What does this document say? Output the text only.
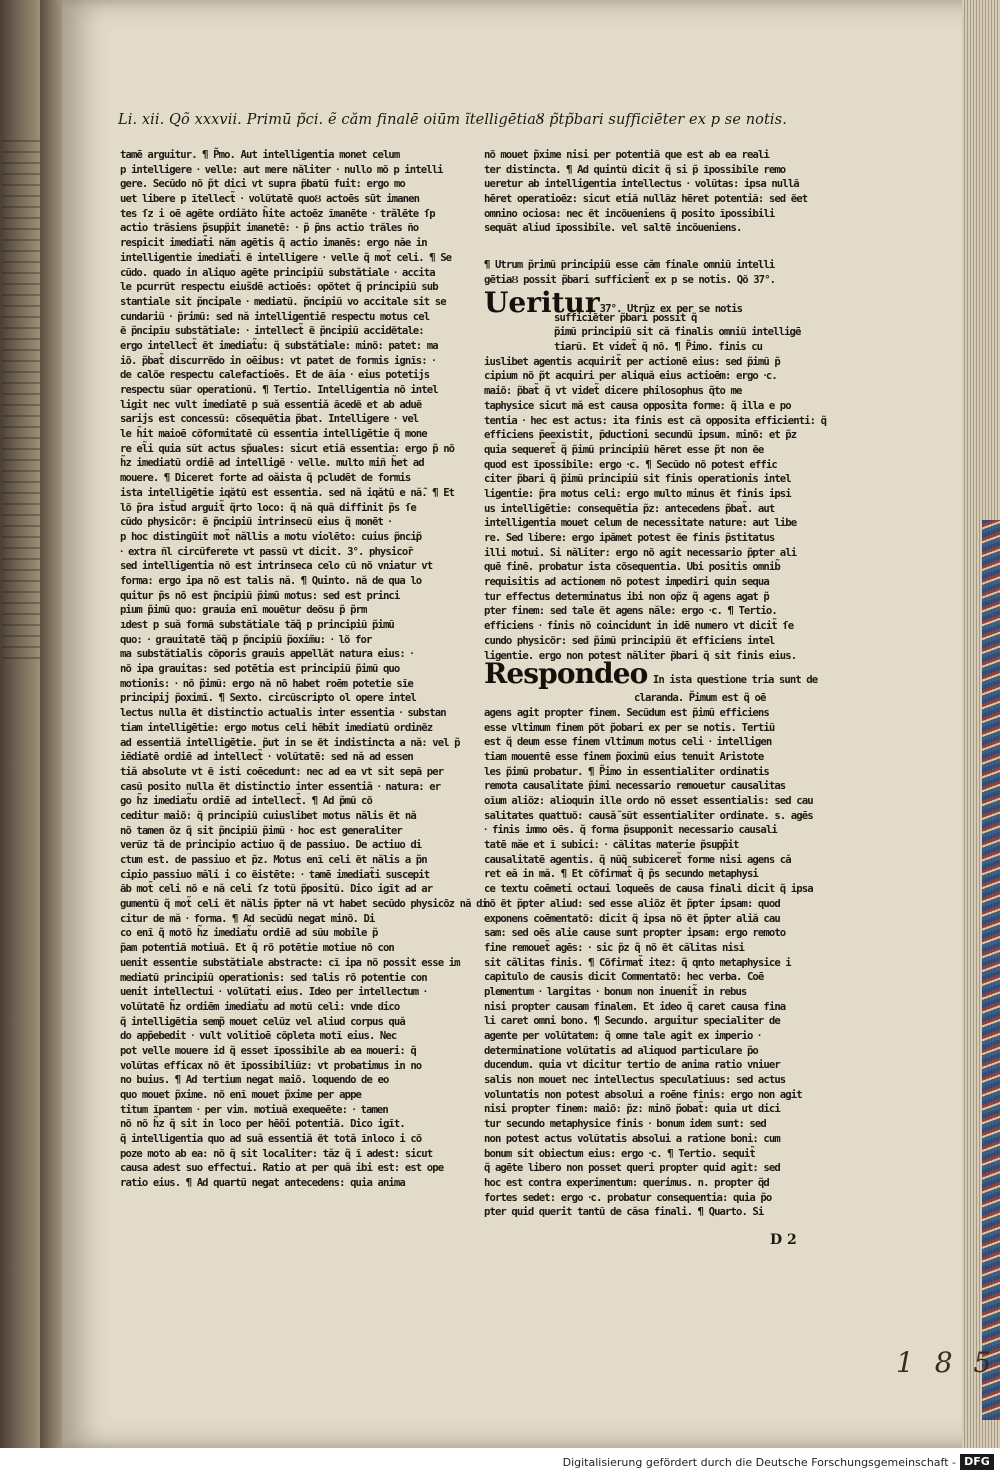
Li. xii. Qõ xxxvii. Primū p̃ci. ẽ căm finalē oiūm ĩtelligētiaȢ p̃tp̃bari sufficiēter ex p se notis.
tamē arguitur. ¶ P̃mo. Aut intelligentia monet celum
p intelligere ‧ velle: aut mere năliter ‧ nullo mõ p intelli
gere. Secũdo nõ p̃t dici vt supra p̃batũ fuit: ergo mo
uet libere p ĩtellect̃ ‧ volũtatē quoȢ actoēs sūt imanen
tes ſz i oē agēte ordiăto h̃ite actoēz ĩmanēte ‧ trălēte ſp
actio trăsiens p̃supp̃it imanetē: ‧ p̃ p̃ns actio trăles ño
respicit imediat̃i năm agētis q̃ actio imanēs: ergo năe in
intelligentie imediat̃i ẽ intelligere ‧ velle q̃ mot̃ celi. ¶ Se
cũdo. quado in aliquo agēte principiũ substătiale ‧ accita
le pcurrũt respectu eius̃dē actioēs: opõtet q̃ principiũ sub
stantiale sit p̃ncipale ‧ mediatũ. p̃ncipiũ vo accitale sit se
cundariũ ‧ p̃rimũ: sed nă intelligentiē respectu motus cel
ẽ p̃ncipĩu substătiale: ‧ intellect̃ ẽ p̃ncipiũ accidẽtale:
ergo intellect̃ ẽt imediat̃u: q̃ substătiale: minõ: patet: ma
iõ. p̃bat̃ discurrẽdo in oēibus: vt patet de formis ignĩs: ‧
de calõe respectu calefactioēs. Et de ãia ‧ eius potetijs
respectu sũar operationũ. ¶ Tertio. Intelligentia nõ intel
ligit nec vult imediatē p suă essentiă ãcedẽ et ab aduẽ
sarijs est concessũ: cõsequētia p̃bat. Intelligere ‧ vel
le h̃it maioē cõformitatē cũ essentia intelligētie q̃ mone
re el̃i quia sũt actus sp̃uales: sicut etiã essentia: ergo p̃ nõ
h̃z imediatũ ordiē ad intelligē ‧ velle. multo miñ h̃et ad
mouere. ¶ Diceret forte ad oăista q̃ pcludēt de formis
ista intelligētie iqătũ est essentia. sed nă iqătũ e nẵ. ¶ Et
lõ p̃ra ist̃ud arguit̃ q̃rto loco: q̃ nă quă diffinit p̃s ſe
cũdo physicõr: ẽ p̃ncipiũ intrinsecũ eius q̃ monēt ‧
p hoc distingūit mot̃ năllis a motu violēto: cuius p̃ncip̃
‧ extra ñl circũferete vt passũ vt dicit. 3°. physicor̃
sed intelligentia nõ est intrinseca celo cũ nõ vniatur vt
forma: ergo ipa nõ est talis nă. ¶ Quinto. nă de qua lo
quitur p̃s nõ est p̃ncipiũ p̃imũ motus: sed est princi
pium p̃imũ quo: grauia enĩ mouētur deõsu p̃ p̃rm
ıdest p suă formã substătiale tăq̃ p principiũ p̃imũ
quo: ‧ grauitatē tăq̃ p p̃ncipiũ p̃oxim̃u: ‧ lõ for
ma substătialis cõporis grauis appellăt natura eius: ‧
nõ ipa grauitas: sed potētia est principiũ p̃imũ quo
motionis: ‧ nõ p̃imũ: ergo nă nõ habet roēm potetie sĩe
principij p̃oximĩ. ¶ Sexto. circũscripto ol opere intel
lectus nulla ẽt distinctio actualis inter essentia ‧ substan
tiam intelligētie: ergo motus celi hēbit imediatũ ordinẽz
ad essentiă intelligētie. p̃ut in se ẽt indistincta a nă: vel p̃
iēdiatē ordiē ad intellect̃ ‧ volũtatē: sed nă ad essen
tiă absolute vt ẽ isti coēcedunt: nec ad ea vt sit sepã per
casũ posito nulla ẽt distinctio inter essentiă ‧ natura: er
go h̃z imediat̃u ordiē ad intellect̃. ¶ Ad p̃mũ cõ
ceditur maiõ: q̃ principiũ cuiuslibet motus nălis ẽt nă
nõ tamen õz q̃ sit p̃ncipiũ p̃imũ ‧ hoc est generaliter
verũz tă de principio actiuo q̃ de passiuo. De actiuo di
ctum est. de passiuo et p̃z. Motus enĩ celi ẽt nălis a p̃n
cipio passiuo măli i co ẽistēte: ‧ tamē imediat̃i suscepit
ãb mot̃ celi nõ e nă celi ſz totũ p̃positũ. Dico igĩt ad ar
gumentũ q̃ mot̃ celi ẽt nălis p̃pter nă vt habet secũdo physicõz nă di
citur de mă ‧ forma. ¶ Ad secũdũ negat minõ. Di
co enĩ q̃ motõ h̃z imediat̃u ordiē ad sũu mobile p̃
p̃am potentiã motiuã. Et q̃ rõ potētie motiue nõ con
uenit essentie substătiale abstracte: cĩ ipa nõ possit esse im
mediatũ principiũ operationis: sed talis rõ potentie con
uenit intellectui ‧ volũtati eius. Ideo per intellectum ‧
volũtatē h̃z ordiēm imediat̃u ad motũ celi: vnde dico
q̃ intelligētia semp̃ mouet celũz vel aliud corpus quă
do app̃ebedit ‧ vult volitioē cõpleta motĩ eius. Nec
pot velle mouere id q̃ esset ĩpossibile ab ea moueri: q̃
volũtas efficax nõ ẽt ĩpossibiliũz: vt probatimus in no
no buius. ¶ Ad tertium negat maiõ. loquendo de eo
quo mouet p̃xime. nõ enĩ mouet p̃xime per appe
titum ĩpantem ‧ per vim. motiuă exequeēte: ‧ tamen
nõ nõ h̃z q̃ sit in loco per hēõi potentiã. Dico igĩt.
q̃ intelligentia quo ad suă essentiă ẽt totă ĩnloco i cõ
poze moto ab ea: nõ q̃ sit localiter: tăz q̃ ĩ adest: sicut
causa adest suo effectui. Ratio at per quă ibi est: est ope
ratio eius. ¶ Ad quartũ negat antecedens: quia anima
nõ mouet p̃xime nisi per potentiã que est ab ea reali
ter distincta. ¶ Ad quintũ dicit q̃ si p̃ ĩpossibile remo
ueretur ab intelligentia intellectus ‧ volũtas: ipsa nullã
hēret operatioēz: sicut etiã nullãz hēret potentiã: sed ẽet
omnino ociosa: nec ẽt incõueniens q̃ posito ĩpossibili
sequãt aliud ĩpossibile. vel saltē incõueniens.
¶ Utrum p̃rimũ principiũ esse căm finale omniũ intelli
gētiaȢ possit p̃bari sufficient̃ ex p se notis. Qõ 37°.
Ueritur37°. Utrũz ex per se notis
sufficiẽter p̃bari possit q̃
p̃imũ principiũ sit că finalis omniũ intelligē
tiarũ. Et videt̃ q̃ nõ. ¶ P̃imo. finis cu
iuslibet agentis acquirit̃ per actionẽ eius: sed p̃imũ p̃
cipium nõ p̃t acquiri per aliquă eius actioēm: ergo ‧c.
maiõ: p̃bat̃ q̃ vt videt̃ dicere philosophus q̃to me
taphysice sicut mă est causa opposita forme: q̃ illa e po
tentia ‧ hec est actus: ita finis est că opposita efficienti: q̃
efficiens p̃eexistit, p̃ductioni secundũ ipsum. minõ: et p̃z
quia sequeret̃ q̃ p̃imũ principiũ hēret esse p̃t non ẽe
quod est ĩpossibile: ergo ‧c. ¶ Secũdo nõ potest effic
citer p̃bari q̃ p̃imũ principiũ sit finis operationis intel
ligentie: p̃ra motus celi: ergo multo minus ẽt finis ipsi
us intelligētie: consequētia p̃z: antecedens p̃bat̃. aut
intelligentia mouet celum de necessitate nature: aut libe
re. Sed libere: ergo ipămet potest ẽe finis p̃stitatus
illi motui. Si năliter: ergo nõ agit necessario p̃pter ali
quē finē. probatur ista cõsequentia. Ubi positis omnib̃
requisitis ad actionem nõ potest impediri quin sequa
tur effectus determinatus ibi non op̃z q̃ agens agat p̃
pter finem: sed tale ẽt agens năle: ergo ‧c. ¶ Tertio.
efficiens ‧ finis nõ coincidunt in idē numero vt dicit̃ ſe
cundo physicõr: sed p̃imũ principiũ ẽt efficiens intel
ligentie. ergo non potest năliter p̃bari q̃ sit finis eius.
Respondeo In ista questione tria sunt de
claranda. P̃imum est q̃ oē
agens agit propter finem. Secũdum est p̃imũ efficiens
esse vltimum finem põt p̃obari ex per se notis. Tertiũ
est q̃ deum esse finem vltimum motus celi ‧ intelligen
tiam mouentē esse finem p̃oximũ eius tenuit Aristote
les p̃imũ probatur. ¶ P̃imo in essentialiter ordinatis
remota causalitate p̃imi necessario remouetur causalitas
oĩum aliõz: alioquin ille ordo nõ esset essentialis: sed cau
salitates quattuõ: causẵ sũt essentialiter ordinate. s. agēs
‧ finis immo oēs. q̃ forma p̃supponit necessario causali
tatē măe et ĩ subici: ‧ călitas materie p̃supp̃it
causalitatē agentis. q̃ nũq̃ subiceret̃ forme nisi agens că
ret eă in mă. ¶ Et cõfirmat̃ q̃ p̃s secundo metaphysi
ce textu coēmeti octaui loqueēs de causa finali dicit q̃ ipsa
nõ ẽt p̃pter aliud: sed esse aliõz ẽt p̃pter ipsam: quod
exponens coēmentatõ: dicit q̃ ipsa nõ ẽt p̃pter aliă cau
sam: sed oēs alie cause sunt propter ipsam: ergo remoto
fine remouet̃ agēs: ‧ sic p̃z q̃ nõ ẽt călitas nisi
sit călitas finis. ¶ Cõfirmat̃ itez: q̃ qnto metaphysice i
capitulo de causis dicit Commentatõ: hec verba. Coē
plementum ‧ largitas ‧ bonum non inuenit̃ in rebus
nisi propter causam finalem. Et ideo q̃ caret causa fina
li caret omni bono. ¶ Secundo. arguitur specialiter de
agente per volũtatem: q̃ omne tale agit ex imperio ‧
determinatione volũtatis ad aliquod particulare p̃o
ducendum. quia vt dicitur tertio de anima ratio vniuer
salis non mouet nec intellectus speculatiuus: sed actus
voluntatis non potest absolui a roēne finis: ergo non agit
nisi propter finem: maiõ: p̃z: minõ p̃obat̃: quia ut dici
tur secundo metaphysice finis ‧ bonum idem sunt: sed
non potest actus volũtatis absolui a ratione boni: cum
bonum sit obiectum eius: ergo ‧c. ¶ Tertio. sequit̃
q̃ agēte libero non posset queri propter quid agit: sed
hoc est contra experimentum: querimus. n. propter q̃d
fortes sedet: ergo ‧c. probatur consequentia: quia p̃o
pter quid querit tantũ de căsa finali. ¶ Quarto. Si
D 2
1 8 5
Digitalisierung gefördert durch die Deutsche Forschungsgemeinschaft - DFG
